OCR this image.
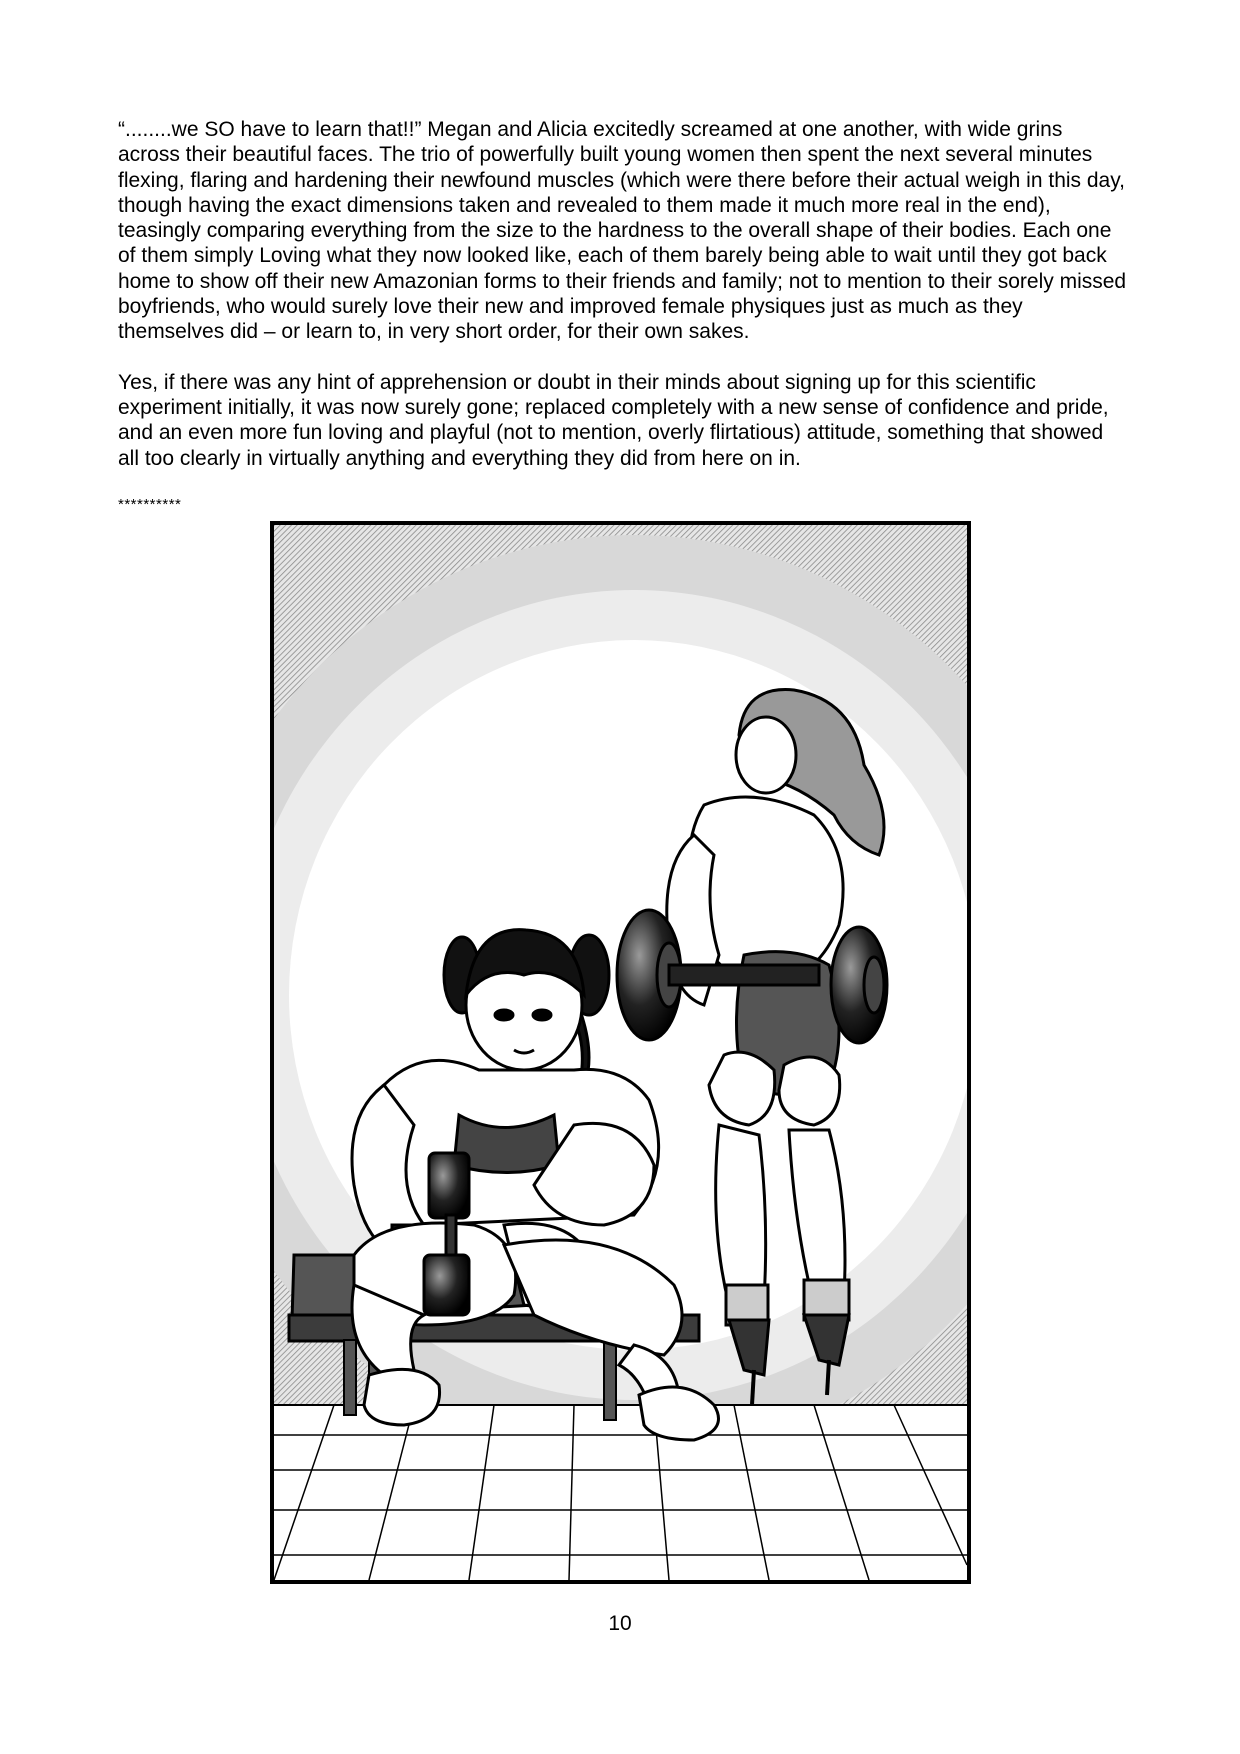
“........we SO have to learn that!!” Megan and Alicia excitedly screamed at one another, with wide grins across their beautiful faces. The trio of powerfully built young women then spent the next several minutes flexing, flaring and hardening their newfound muscles (which were there before their actual weigh in this day, though having the exact dimensions taken and revealed to them made it much more real in the end), teasingly comparing everything from the size to the hardness to the overall shape of their bodies. Each one of them simply Loving what they now looked like, each of them barely being able to wait until they got back home to show off their new Amazonian forms to their friends and family; not to mention to their sorely missed boyfriends, who would surely love their new and improved female physiques just as much as they themselves did – or learn to, in very short order, for their own sakes.

Yes, if there was any hint of apprehension or doubt in their minds about signing up for this scientific experiment initially, it was now surely gone; replaced completely with a new sense of confidence and pride, and an even more fun loving and playful (not to mention, overly flirtatious) attitude, something that showed all too clearly in virtually anything and everything they did from here on in.

**********
10
